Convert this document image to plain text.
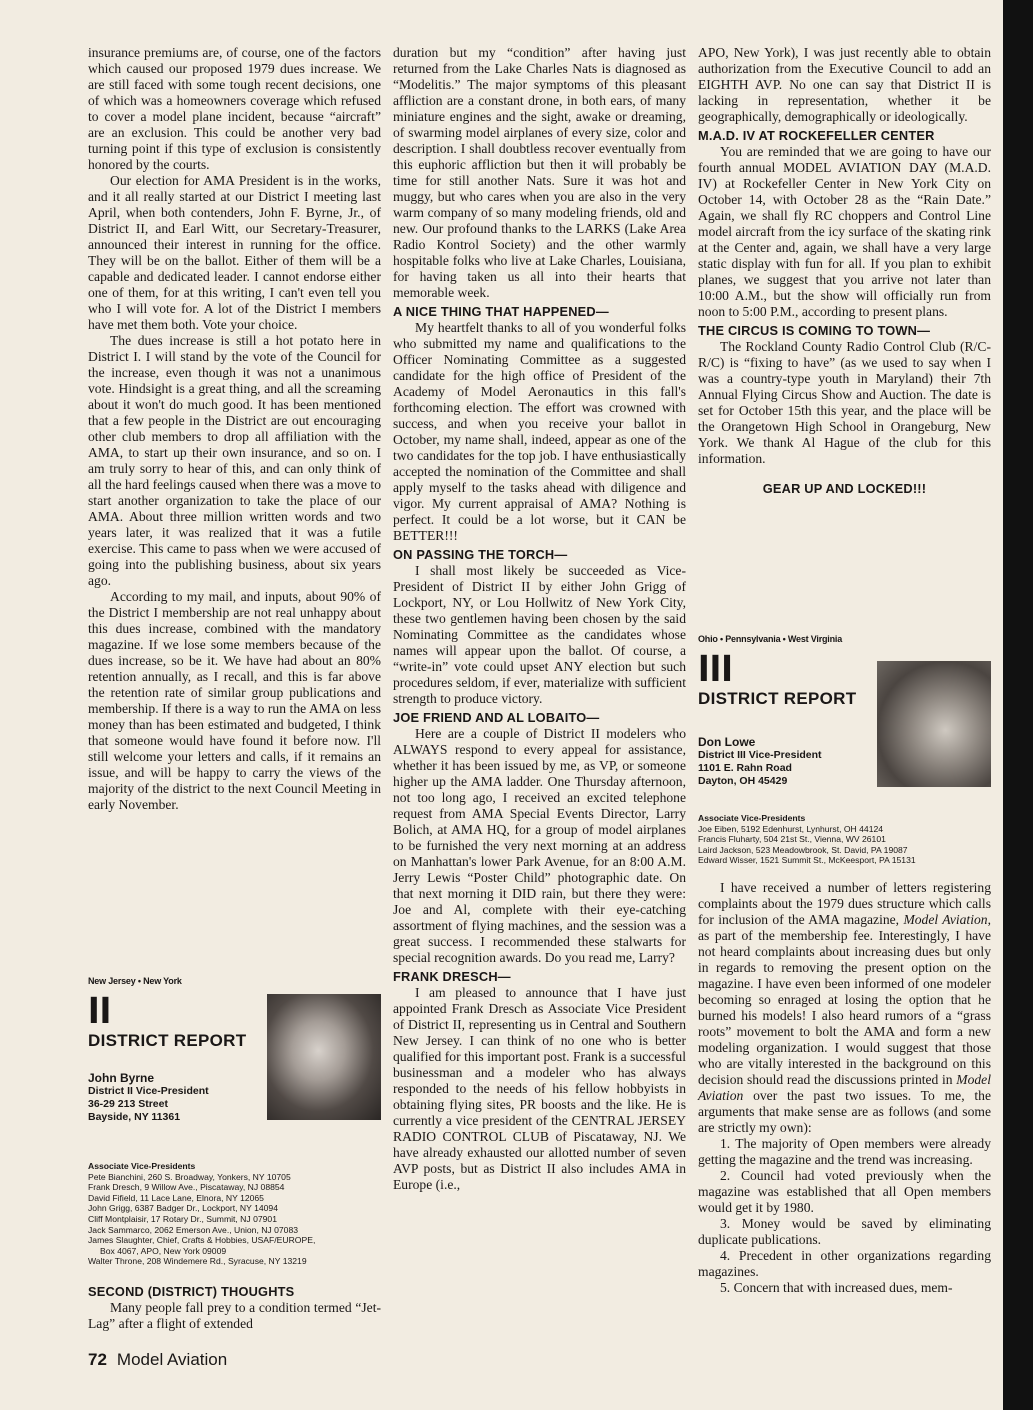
insurance premiums are, of course, one of the factors which caused our proposed 1979 dues increase. We are still faced with some tough recent decisions, one of which was a homeowners coverage which refused to cover a model plane incident, because “aircraft” are an exclusion. This could be another very bad turning point if this type of exclusion is consistently honored by the courts.

Our election for AMA President is in the works, and it all really started at our District I meeting last April, when both contenders, John F. Byrne, Jr., of District II, and Earl Witt, our Secretary-Treasurer, announced their interest in running for the office. They will be on the ballot. Either of them will be a capable and dedicated leader. I cannot endorse either one of them, for at this writing, I can't even tell you who I will vote for. A lot of the District I members have met them both. Vote your choice.

The dues increase is still a hot potato here in District I. I will stand by the vote of the Council for the increase, even though it was not a unanimous vote. Hindsight is a great thing, and all the screaming about it won't do much good. It has been mentioned that a few people in the District are out encouraging other club members to drop all affiliation with the AMA, to start up their own insurance, and so on. I am truly sorry to hear of this, and can only think of all the hard feelings caused when there was a move to start another organization to take the place of our AMA. About three million written words and two years later, it was realized that it was a futile exercise. This came to pass when we were accused of going into the publishing business, about six years ago.

According to my mail, and inputs, about 90% of the District I membership are not real unhappy about this dues increase, combined with the mandatory magazine. If we lose some members because of the dues increase, so be it. We have had about an 80% retention annually, as I recall, and this is far above the retention rate of similar group publications and membership. If there is a way to run the AMA on less money than has been estimated and budgeted, I think that someone would have found it before now. I'll still welcome your letters and calls, if it remains an issue, and will be happy to carry the views of the majority of the district to the next Council Meeting in early November.

New Jersey • New York
II
DISTRICT REPORT
John Byrne
District II Vice-President
36-29 213 Street
Bayside, NY 11361
Associate Vice-Presidents
Pete Bianchini, 260 S. Broadway, Yonkers, NY 10705
Frank Dresch, 9 Willow Ave., Piscataway, NJ 08854
David Fifield, 11 Lace Lane, Elnora, NY 12065
John Grigg, 6387 Badger Dr., Lockport, NY 14094
Cliff Montplaisir, 17 Rotary Dr., Summit, NJ 07901
Jack Sammarco, 2062 Emerson Ave., Union, NJ 07083
James Slaughter, Chief, Crafts & Hobbies, USAF/EUROPE,
Box 4067, APO, New York 09009
Walter Throne, 208 Windemere Rd., Syracuse, NY 13219
SECOND (DISTRICT) THOUGHTS

Many people fall prey to a condition termed “Jet-Lag” after a flight of extended

duration but my “condition” after having just returned from the Lake Charles Nats is diagnosed as “Modelitis.” The major symptoms of this pleasant affliction are a constant drone, in both ears, of many miniature engines and the sight, awake or dreaming, of swarming model airplanes of every size, color and description. I shall doubtless recover eventually from this euphoric affliction but then it will probably be time for still another Nats. Sure it was hot and muggy, but who cares when you are also in the very warm company of so many modeling friends, old and new. Our profound thanks to the LARKS (Lake Area Radio Kontrol Society) and the other warmly hospitable folks who live at Lake Charles, Louisiana, for having taken us all into their hearts that memorable week.

A NICE THING THAT HAPPENED—

My heartfelt thanks to all of you wonderful folks who submitted my name and qualifications to the Officer Nominating Committee as a suggested candidate for the high office of President of the Academy of Model Aeronautics in this fall's forthcoming election. The effort was crowned with success, and when you receive your ballot in October, my name shall, indeed, appear as one of the two candidates for the top job. I have enthusiastically accepted the nomination of the Committee and shall apply myself to the tasks ahead with diligence and vigor. My current appraisal of AMA? Nothing is perfect. It could be a lot worse, but it CAN be BETTER!!!

ON PASSING THE TORCH—

I shall most likely be succeeded as Vice-President of District II by either John Grigg of Lockport, NY, or Lou Hollwitz of New York City, these two gentlemen having been chosen by the said Nominating Committee as the candidates whose names will appear upon the ballot. Of course, a “write-in” vote could upset ANY election but such procedures seldom, if ever, materialize with sufficient strength to produce victory.

JOE FRIEND AND AL LOBAITO—

Here are a couple of District II modelers who ALWAYS respond to every appeal for assistance, whether it has been issued by me, as VP, or someone higher up the AMA ladder. One Thursday afternoon, not too long ago, I received an excited telephone request from AMA Special Events Director, Larry Bolich, at AMA HQ, for a group of model airplanes to be furnished the very next morning at an address on Manhattan's lower Park Avenue, for an 8:00 A.M. Jerry Lewis “Poster Child” photographic date. On that next morning it DID rain, but there they were: Joe and Al, complete with their eye-catching assortment of flying machines, and the session was a great success. I recommended these stalwarts for special recognition awards. Do you read me, Larry?

FRANK DRESCH—

I am pleased to announce that I have just appointed Frank Dresch as Associate Vice President of District II, representing us in Central and Southern New Jersey. I can think of no one who is better qualified for this important post. Frank is a successful businessman and a modeler who has always responded to the needs of his fellow hobbyists in obtaining flying sites, PR boosts and the like. He is currently a vice president of the CENTRAL JERSEY RADIO CONTROL CLUB of Piscataway, NJ. We have already exhausted our allotted number of seven AVP posts, but as District II also includes AMA in Europe (i.e.,

APO, New York), I was just recently able to obtain authorization from the Executive Council to add an EIGHTH AVP. No one can say that District II is lacking in representation, whether it be geographically, demographically or ideologically.

M.A.D. IV AT ROCKEFELLER CENTER

You are reminded that we are going to have our fourth annual MODEL AVIATION DAY (M.A.D. IV) at Rockefeller Center in New York City on October 14, with October 28 as the “Rain Date.” Again, we shall fly RC choppers and Control Line model aircraft from the icy surface of the skating rink at the Center and, again, we shall have a very large static display with fun for all. If you plan to exhibit planes, we suggest that you arrive not later than 10:00 A.M., but the show will officially run from noon to 5:00 P.M., according to present plans.

THE CIRCUS IS COMING TO TOWN—

The Rockland County Radio Control Club (R/C-R/C) is “fixing to have” (as we used to say when I was a country-type youth in Maryland) their 7th Annual Flying Circus Show and Auction. The date is set for October 15th this year, and the place will be the Orangetown High School in Orangeburg, New York. We thank Al Hague of the club for this information.

GEAR UP AND LOCKED!!!
Ohio • Pennsylvania • West Virginia
III
DISTRICT REPORT
Don Lowe
District III Vice-President
1101 E. Rahn Road
Dayton, OH 45429
Associate Vice-Presidents
Joe Eiben, 5192 Edenhurst, Lynhurst, OH 44124
Francis Fluharty, 504 21st St., Vienna, WV 26101
Laird Jackson, 523 Meadowbrook, St. David, PA 19087
Edward Wisser, 1521 Summit St., McKeesport, PA 15131

I have received a number of letters registering complaints about the 1979 dues structure which calls for inclusion of the AMA magazine, Model Aviation, as part of the membership fee. Interestingly, I have not heard complaints about increasing dues but only in regards to removing the present option on the magazine. I have even been informed of one modeler becoming so enraged at losing the option that he burned his models! I also heard rumors of a “grass roots” movement to bolt the AMA and form a new modeling organization. I would suggest that those who are vitally interested in the background on this decision should read the discussions printed in Model Aviation over the past two issues. To me, the arguments that make sense are as follows (and some are strictly my own):

1. The majority of Open members were already getting the magazine and the trend was increasing.

2. Council had voted previously when the magazine was established that all Open members would get it by 1980.

3. Money would be saved by eliminating duplicate publications.

4. Precedent in other organizations regarding magazines.

5. Concern that with increased dues, mem-

72 Model Aviation
